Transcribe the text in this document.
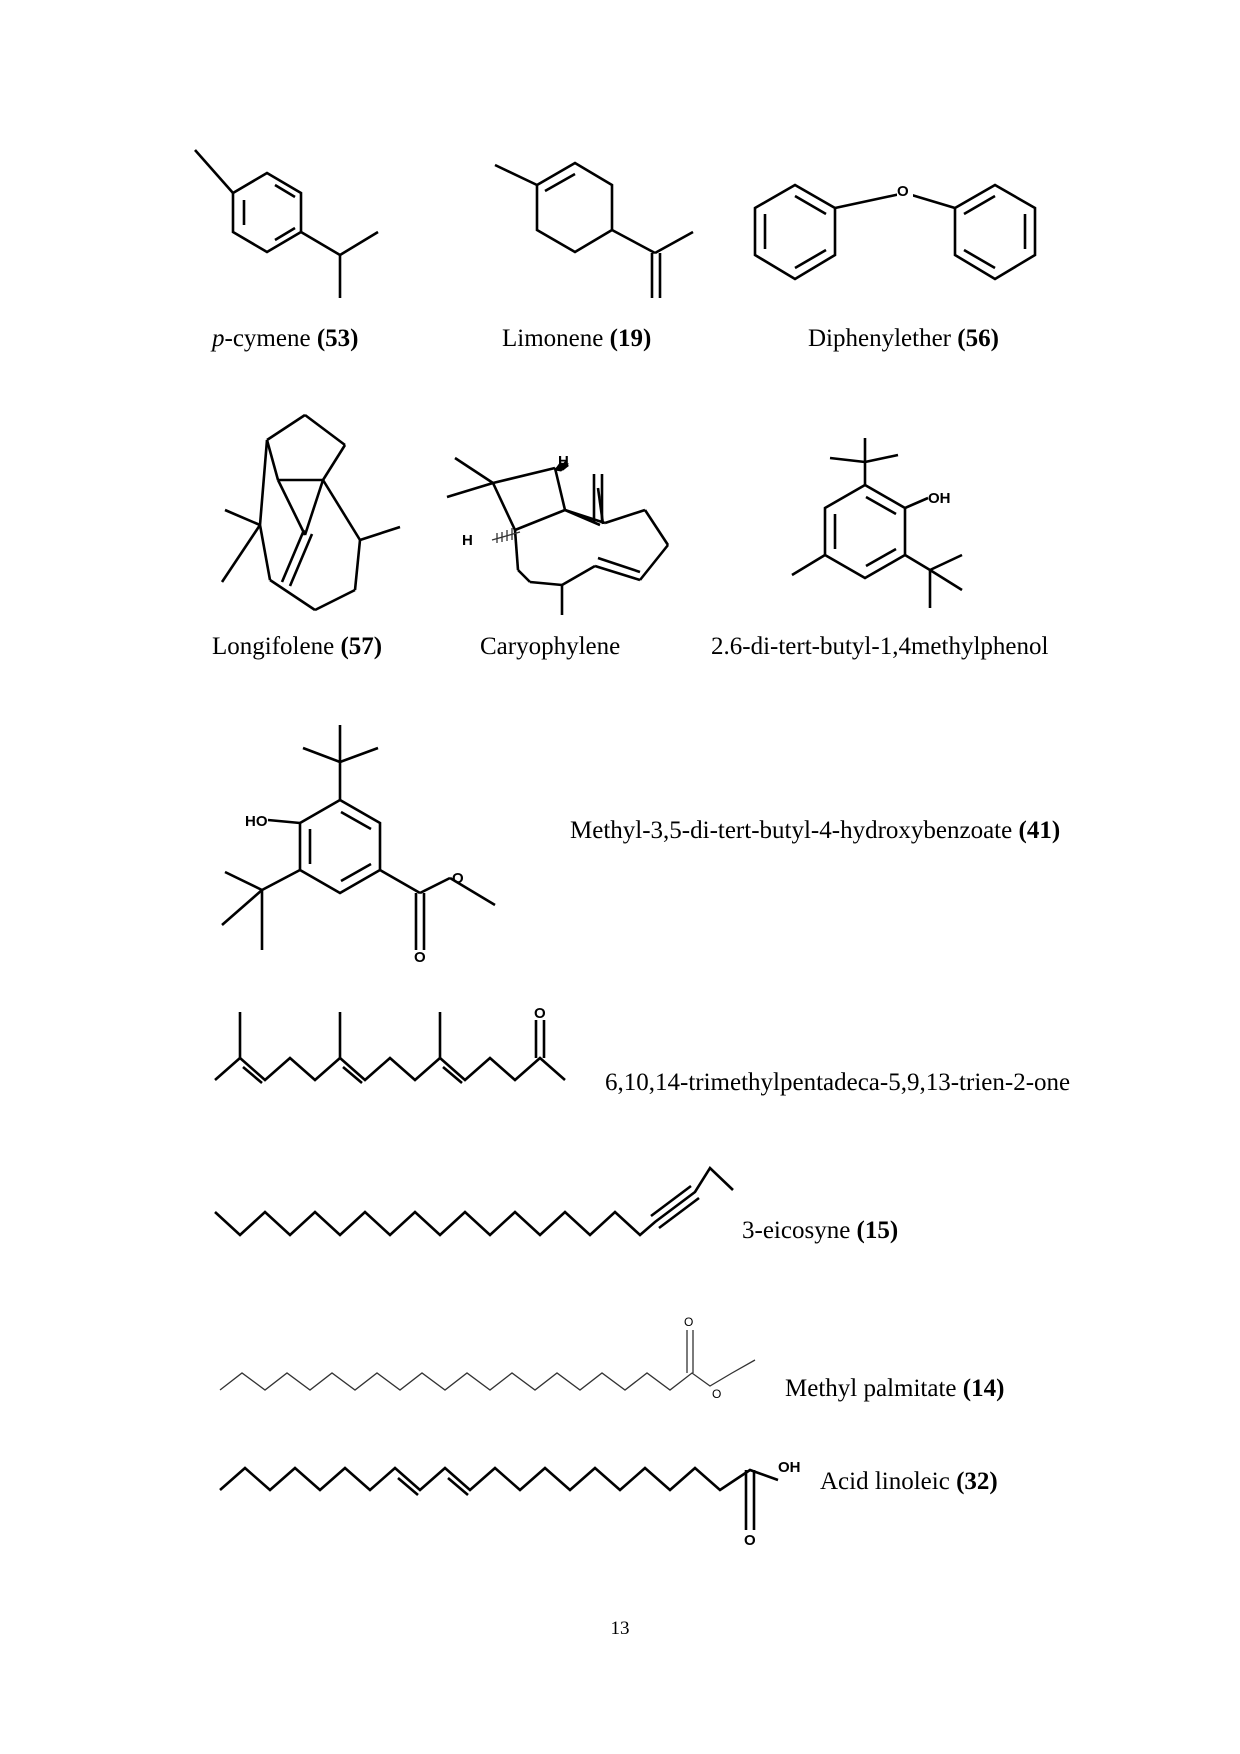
p-cymene (53)	Limonene (19)
O
Diphenylether (56)
Longifolene (57)
H
H
Caryophylene
OH
2.6-di-tert-butyl-1,4methylphenol
HO
O
O
Methyl-3,5-di-tert-butyl-4-hydroxybenzoate (41)
O
6,10,14-trimethylpentadeca-5,9,13-trien-2-one
3-eicosyne (15)
O
O	Methyl palmitate (14)
OH
O
Acid linoleic (32)
13
